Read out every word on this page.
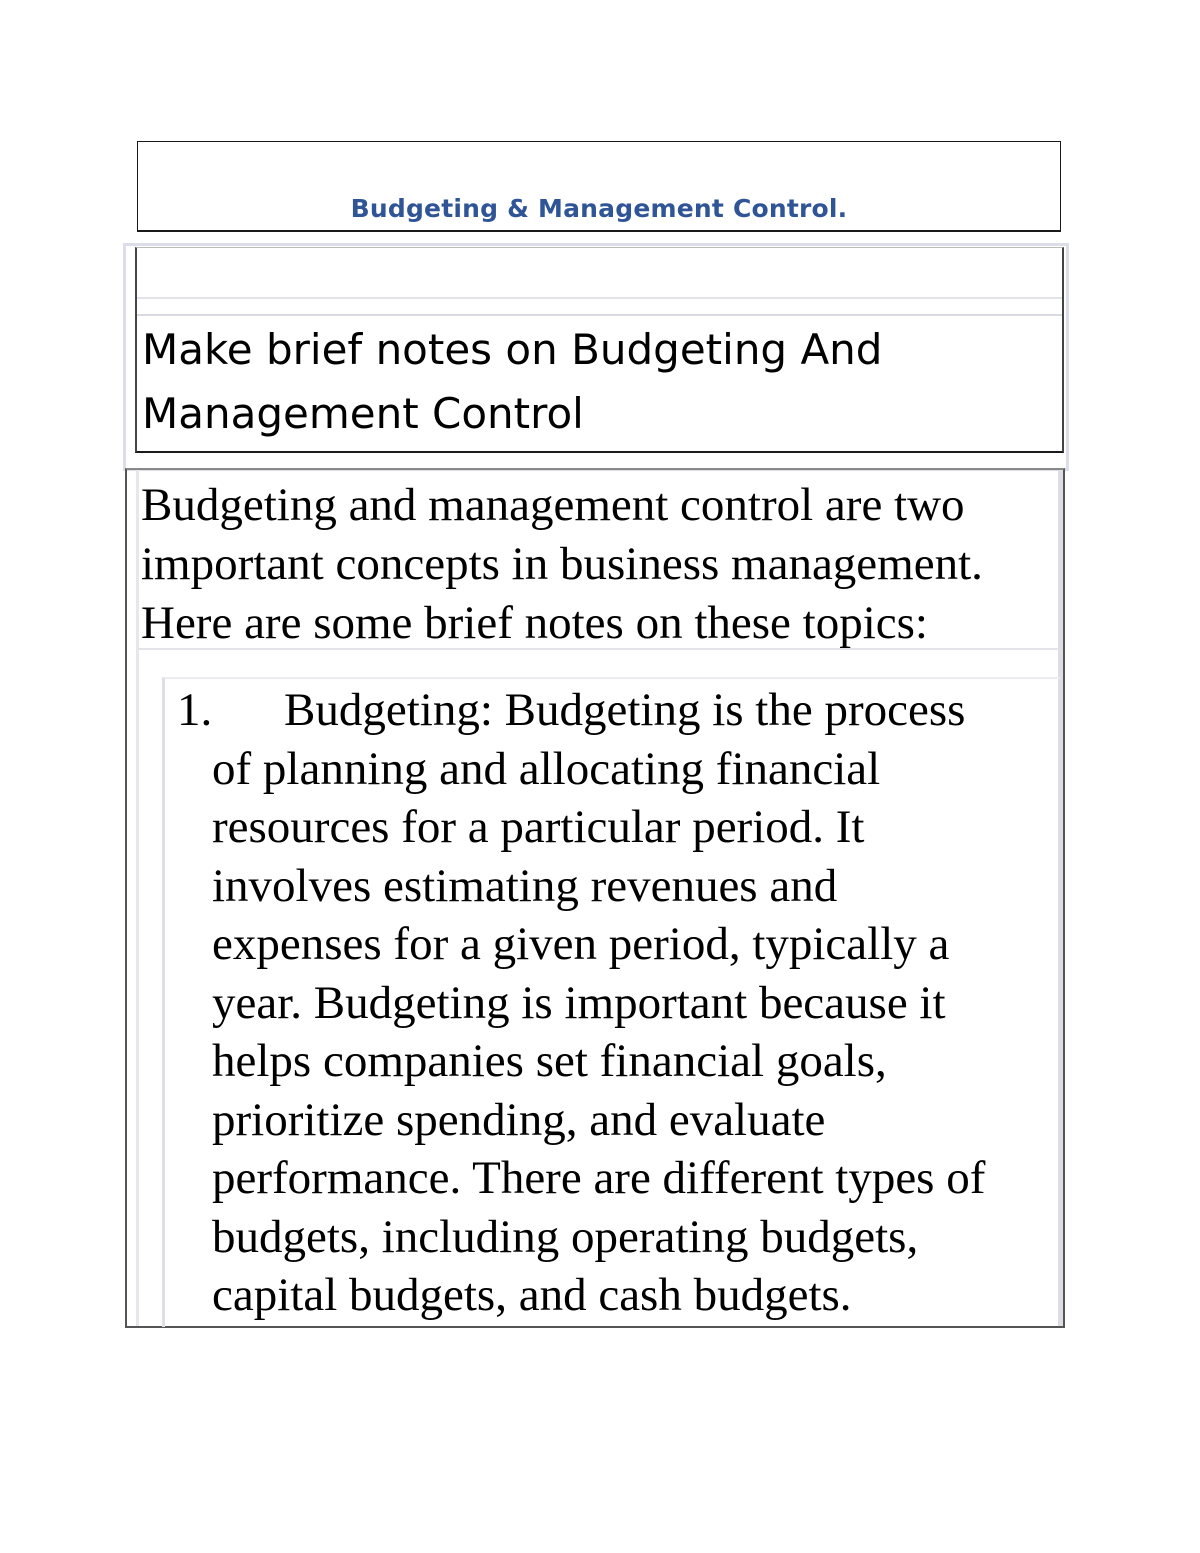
Budgeting & Management Control.
Make brief notes on Budgeting And
Management Control
Budgeting and management control are two
important concepts in business management.
Here are some brief notes on these topics:
1. Budgeting: Budgeting is the process
of planning and allocating financial
resources for a particular period. It
involves estimating revenues and
expenses for a given period, typically a
year. Budgeting is important because it
helps companies set financial goals,
prioritize spending, and evaluate
performance. There are different types of
budgets, including operating budgets,
capital budgets, and cash budgets.
